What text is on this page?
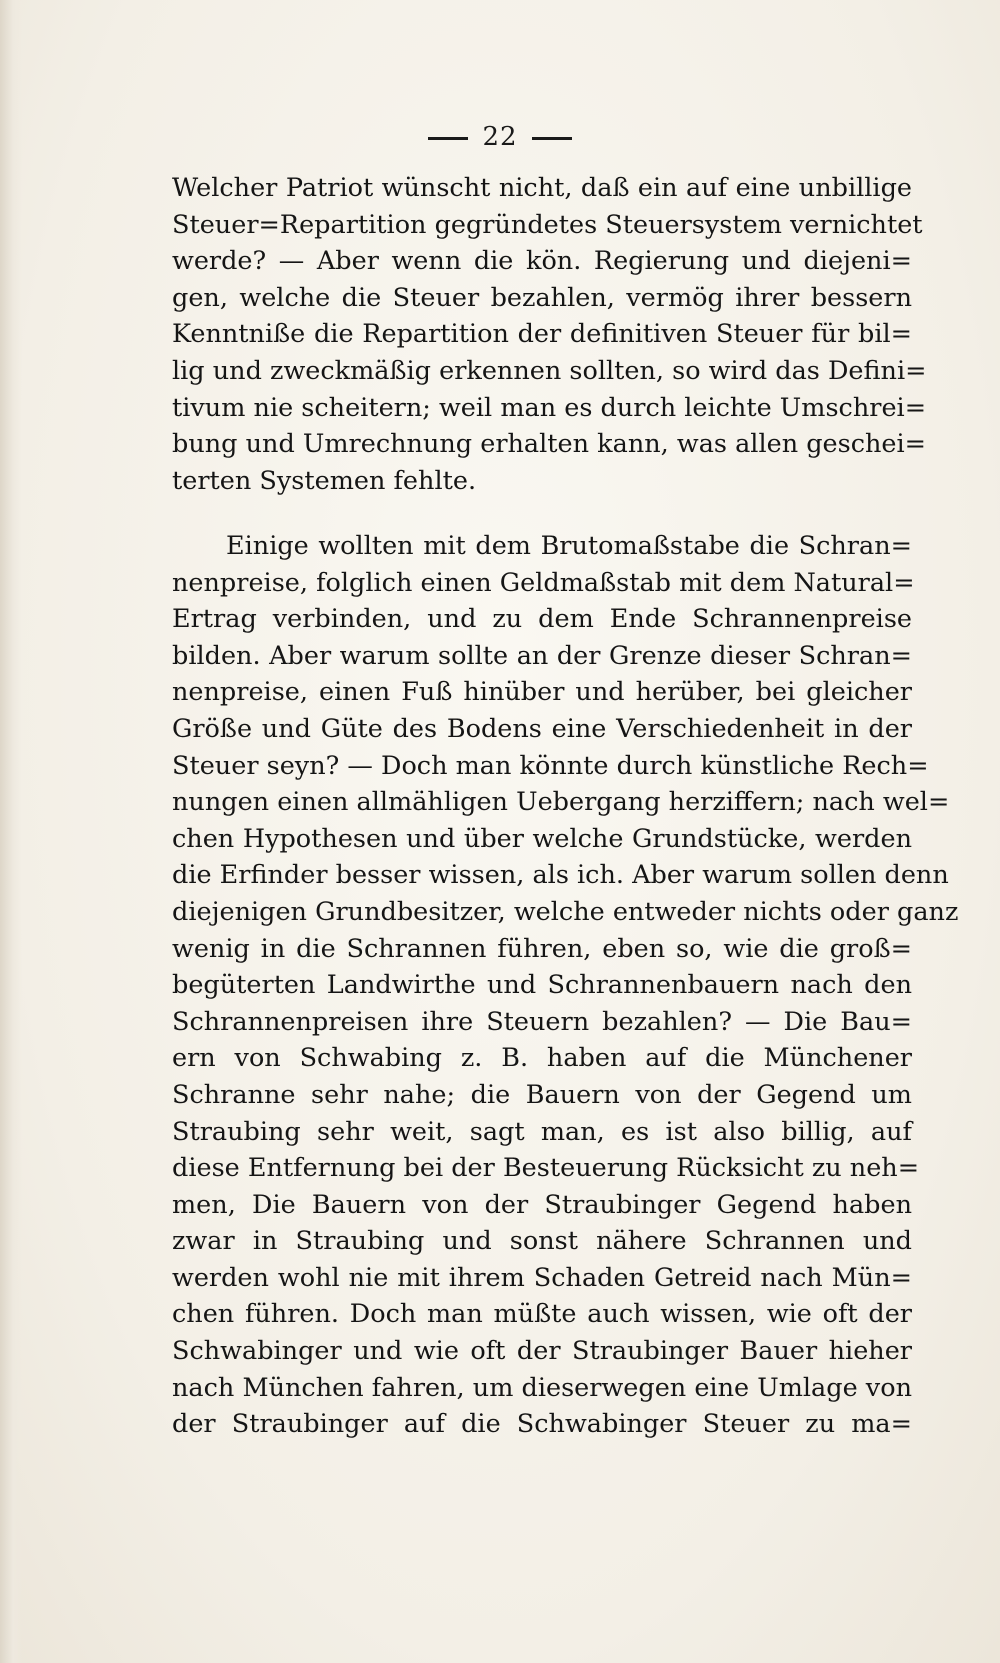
22
Welcher Patriot wünscht nicht, daß ein auf eine unbillige
Steuer=Repartition gegründetes Steuersystem vernichtet
werde? — Aber wenn die kön. Regierung und diejeni=
gen, welche die Steuer bezahlen, vermög ihrer bessern
Kenntniße die Repartition der definitiven Steuer für bil=
lig und zweckmäßig erkennen sollten, so wird das Defini=
tivum nie scheitern; weil man es durch leichte Umschrei=
bung und Umrechnung erhalten kann, was allen geschei=
terten Systemen fehlte.
Einige wollten mit dem Brutomaßstabe die Schran=
nenpreise, folglich einen Geldmaßstab mit dem Natural=
Ertrag verbinden, und zu dem Ende Schrannenpreise
bilden. Aber warum sollte an der Grenze dieser Schran=
nenpreise, einen Fuß hinüber und herüber, bei gleicher
Größe und Güte des Bodens eine Verschiedenheit in der
Steuer seyn? — Doch man könnte durch künstliche Rech=
nungen einen allmähligen Uebergang herziffern; nach wel=
chen Hypothesen und über welche Grundstücke, werden
die Erfinder besser wissen, als ich. Aber warum sollen denn
diejenigen Grundbesitzer, welche entweder nichts oder ganz
wenig in die Schrannen führen, eben so, wie die groß=
begüterten Landwirthe und Schrannenbauern nach den
Schrannenpreisen ihre Steuern bezahlen? — Die Bau=
ern von Schwabing z. B. haben auf die Münchener
Schranne sehr nahe; die Bauern von der Gegend um
Straubing sehr weit, sagt man, es ist also billig, auf
diese Entfernung bei der Besteuerung Rücksicht zu neh=
men, Die Bauern von der Straubinger Gegend haben
zwar in Straubing und sonst nähere Schrannen und
werden wohl nie mit ihrem Schaden Getreid nach Mün=
chen führen. Doch man müßte auch wissen, wie oft der
Schwabinger und wie oft der Straubinger Bauer hieher
nach München fahren, um dieserwegen eine Umlage von
der Straubinger auf die Schwabinger Steuer zu ma=
